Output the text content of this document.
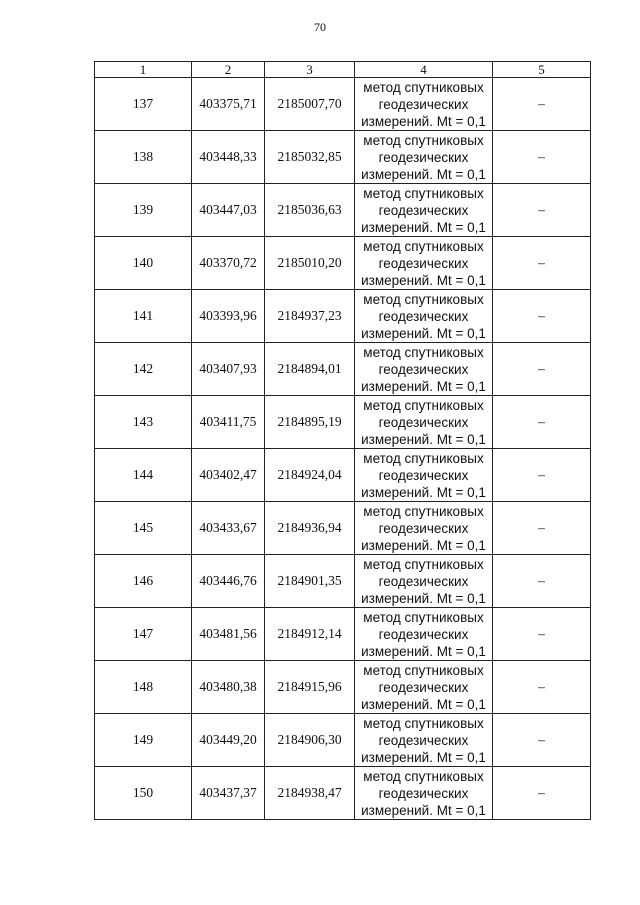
70
1	2	3	4	5
137	403375,71	2185007,70	метод спутниковых
геодезических
измерений. Mt = 0,1	–
138	403448,33	2185032,85	метод спутниковых
геодезических
измерений. Mt = 0,1	–
139	403447,03	2185036,63	метод спутниковых
геодезических
измерений. Mt = 0,1	–
140	403370,72	2185010,20	метод спутниковых
геодезических
измерений. Mt = 0,1	–
141	403393,96	2184937,23	метод спутниковых
геодезических
измерений. Mt = 0,1	–
142	403407,93	2184894,01	метод спутниковых
геодезических
измерений. Mt = 0,1	–
143	403411,75	2184895,19	метод спутниковых
геодезических
измерений. Mt = 0,1	–
144	403402,47	2184924,04	метод спутниковых
геодезических
измерений. Mt = 0,1	–
145	403433,67	2184936,94	метод спутниковых
геодезических
измерений. Mt = 0,1	–
146	403446,76	2184901,35	метод спутниковых
геодезических
измерений. Mt = 0,1	–
147	403481,56	2184912,14	метод спутниковых
геодезических
измерений. Mt = 0,1	–
148	403480,38	2184915,96	метод спутниковых
геодезических
измерений. Mt = 0,1	–
149	403449,20	2184906,30	метод спутниковых
геодезических
измерений. Mt = 0,1	–
150	403437,37	2184938,47	метод спутниковых
геодезических
измерений. Mt = 0,1	–
